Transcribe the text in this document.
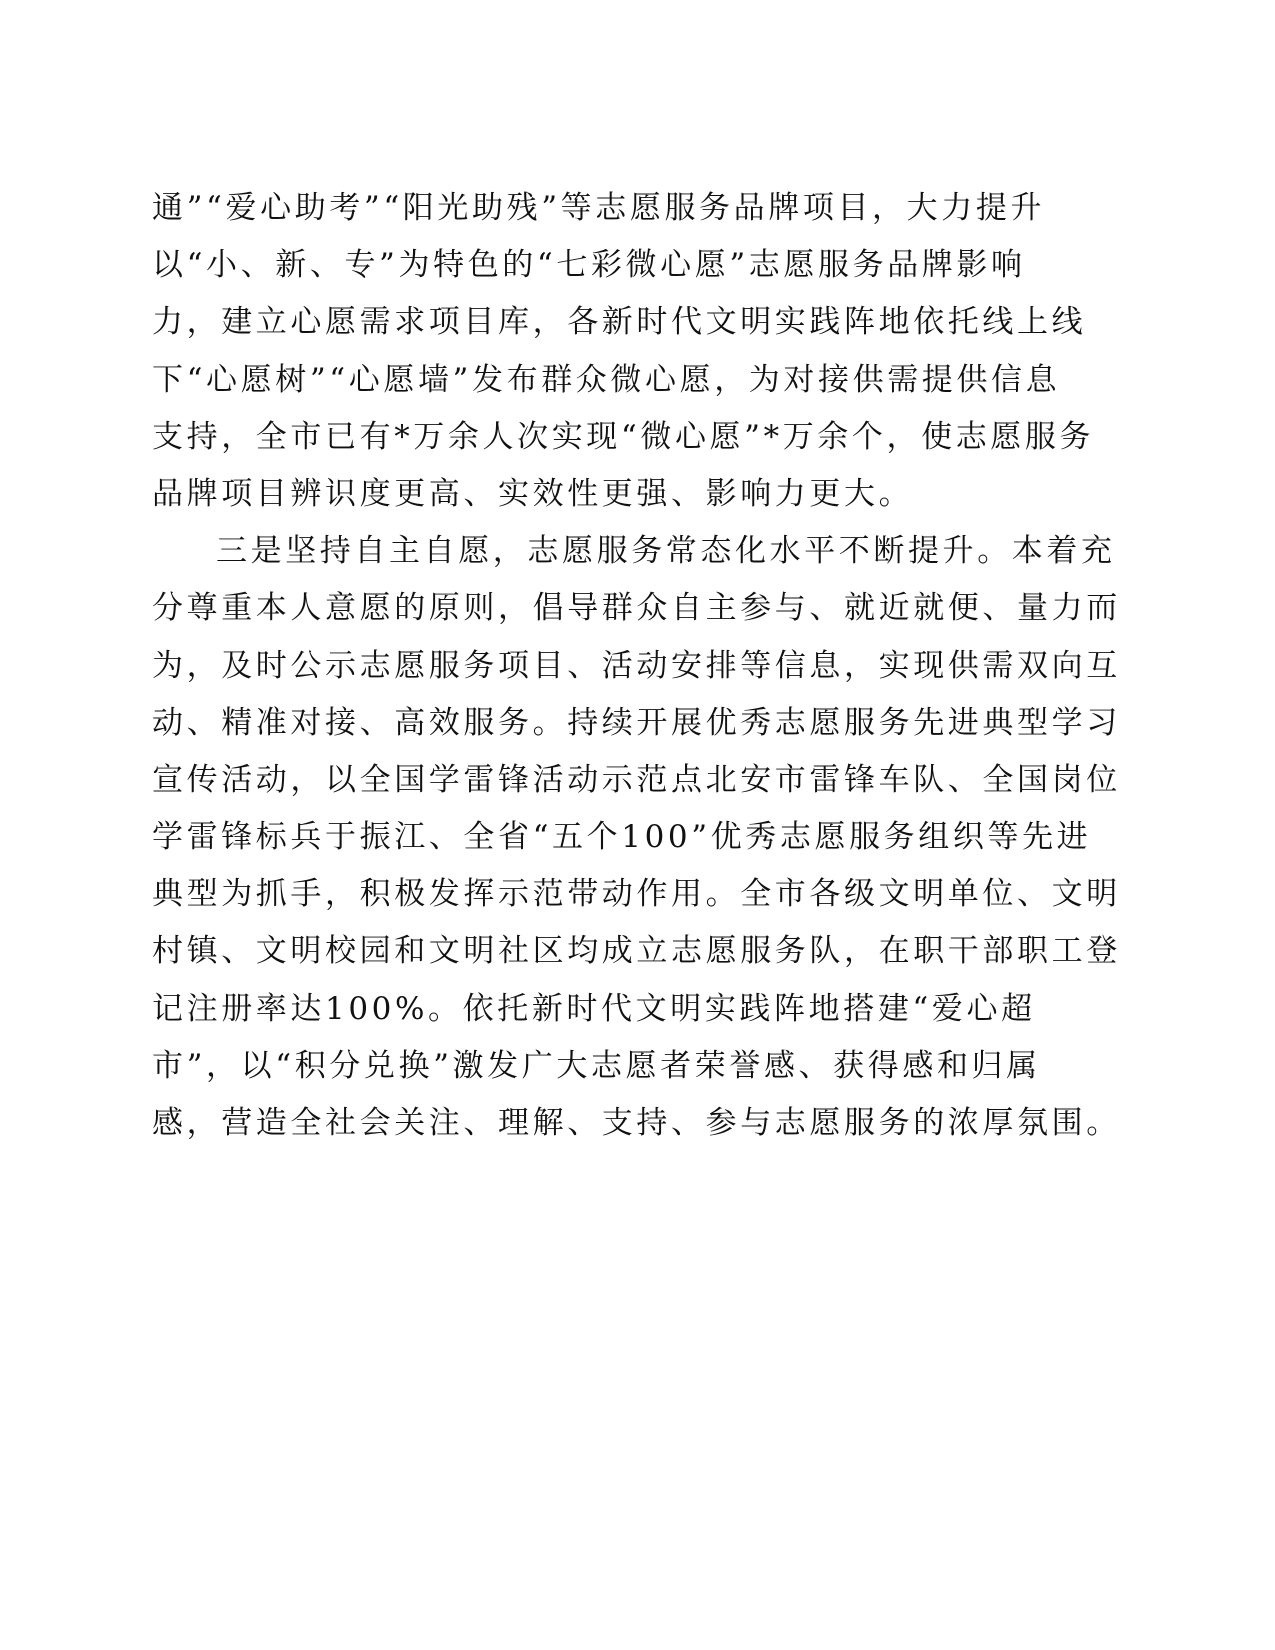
通”“爱心助考”“阳光助残”等志愿服务品牌项目，大力提升
以“小、新、专”为特色的“七彩微心愿”志愿服务品牌影响
力，建立心愿需求项目库，各新时代文明实践阵地依托线上线
下“心愿树”“心愿墙”发布群众微心愿，为对接供需提供信息
支持，全市已有*万余人次实现“微心愿”*万余个，使志愿服务
品牌项目辨识度更高、实效性更强、影响力更大。
三是坚持自主自愿，志愿服务常态化水平不断提升。本着充
分尊重本人意愿的原则，倡导群众自主参与、就近就便、量力而
为，及时公示志愿服务项目、活动安排等信息，实现供需双向互
动、精准对接、高效服务。持续开展优秀志愿服务先进典型学习
宣传活动，以全国学雷锋活动示范点北安市雷锋车队、全国岗位
学雷锋标兵于振江、全省“五个100”优秀志愿服务组织等先进
典型为抓手，积极发挥示范带动作用。全市各级文明单位、文明
村镇、文明校园和文明社区均成立志愿服务队，在职干部职工登
记注册率达100%。依托新时代文明实践阵地搭建“爱心超
市”，以“积分兑换”激发广大志愿者荣誉感、获得感和归属
感，营造全社会关注、理解、支持、参与志愿服务的浓厚氛围。
